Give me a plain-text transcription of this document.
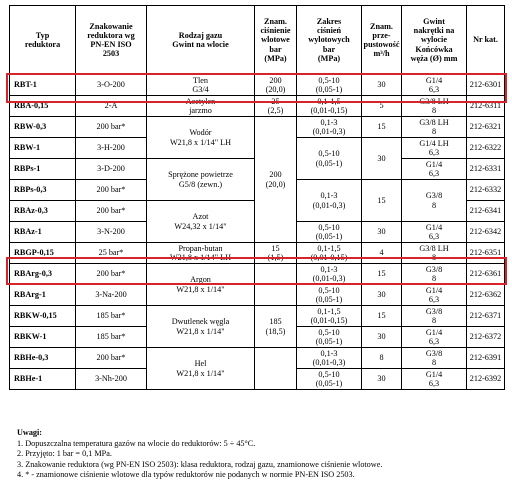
Typ
reduktora	Znakowanie
reduktora wg
PN-EN ISO
2503	Rodzaj gazu
Gwint na wlocie	Znam.
ciśnienie
wlotowe
bar
(MPa)	Zakres
ciśnień
wylotowych
bar
(MPa)	Znam.
prze-
pustowość
m³/h	Gwint
nakrętki na
wylocie
Końcówka
węża (Ø) mm	Nr kat.
RBT-1	3-O-200	Tlen
G3/4	200
(20,0)	0,5-10
(0,05-1)	30	G1/4
6,3	212-6301
RBA-0,15	2-A	Acetylen
jarzmo	25
(2,5)	0,1-1,5
(0,01-0,15)	5	G3/8 LH
8	212-6311
RBW-0,3	200 bar*	Wodór
W21,8 x 1/14" LH	200
(20,0)	0,1-3
(0,01-0,3)	15	G3/8 LH
8	212-6321
RBW-1	3-H-200			0,5-10
(0,05-1)	30	G1/4 LH
6,3	212-6322
RBPs-1	3-D-200	Sprężone powietrze
G5/8 (zewn.)				G1/4
6,3	212-6331
RBPs-0,3	200 bar*			0,1-3
(0,01-0,3)	15	G3/8
8	212-6332
RBAz-0,3	200 bar*	Azot
W24,32 x 1/14"					212-6341
RBAz-1	3-N-200			0,5-10
(0,05-1)	30	G1/4
6,3	212-6342
RBGP-0,15	25 bar*	Propan-butan
W21,8 x 1/14" LH	15
(1,5)	0,1-1,5
(0,01-0,15)	4	G3/8 LH
8	212-6351
RBArg-0,3	200 bar*	Argon
W21,8 x 1/14"		0,1-3
(0,01-0,3)	15	G3/8
8	212-6361
RBArg-1	3-Na-200			0,5-10
(0,05-1)	30	G1/4
6,3	212-6362
RBKW-0,15	185 bar*	Dwutlenek węgla
W21,8 x 1/14"	185
(18,5)	0,1-1,5
(0,01-0,15)	15	G3/8
8	212-6371
RBKW-1	185 bar*			0,5-10
(0,05-1)	30	G1/4
6,3	212-6372
RBHe-0,3	200 bar*	Hel
W21,8 x 1/14"		0,1-3
(0,01-0,3)	8	G3/8
8	212-6391
RBHe-1	3-Nh-200			0,5-10
(0,05-1)	30	G1/4
6,3	212-6392
Uwagi:
1. Dopuszczalna temperatura gazów na wlocie do reduktorów: 5 ÷ 45°C.
2. Przyjęto: 1 bar = 0,1 MPa.
3. Znakowanie reduktora (wg PN-EN ISO 2503): klasa reduktora, rodzaj gazu, znamionowe ciśnienie wlotowe.
4. * - znamionowe ciśnienie wlotowe dla typów reduktorów nie podanych w normie PN-EN ISO 2503.
